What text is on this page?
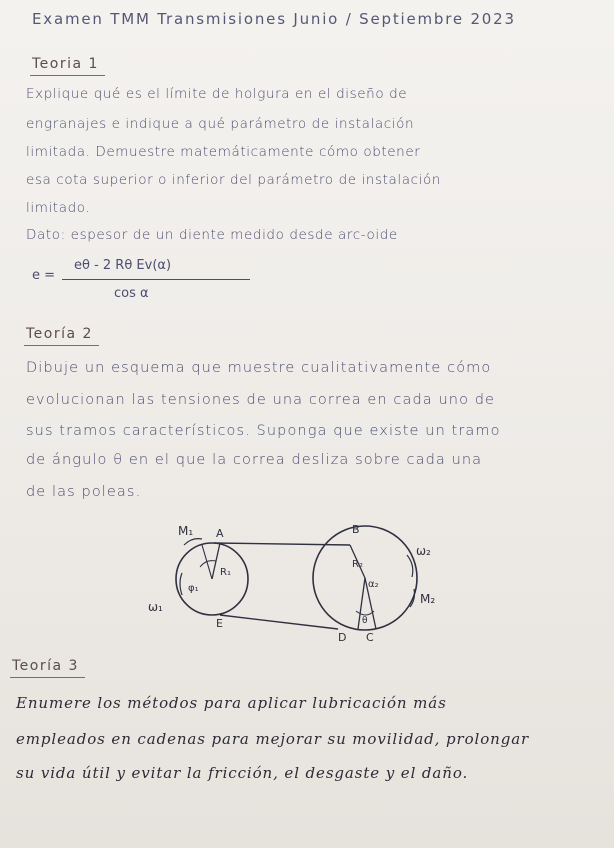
Examen TMM Transmisiones Junio / Septiembre 2023
Teoria 1
Explique qué es el límite de holgura en el diseño de
engranajes e indique a qué parámetro de instalación
limitada. Demuestre matemáticamente cómo obtener
esa cota superior o inferior del parámetro de instalación
limitado.
Dato: espesor de un diente medido desde arc-oide
e =
eθ - 2 Rθ Ev(α)
cos α
Teoría 2
Dibuje un esquema que muestre cualitativamente cómo
evolucionan las tensiones de una correa en cada uno de
sus tramos característicos. Suponga que existe un tramo
de ángulo θ en el que la correa desliza sobre cada una
de las poleas.
M₁ A
R₁
φ₁
ω₁
E
B
R₂
α₂
θ
D C
ω₂
M₂
Teoría 3
Enumere los métodos para aplicar lubricación más
empleados en cadenas para mejorar su movilidad, prolongar
su vida útil y evitar la fricción, el desgaste y el daño.
